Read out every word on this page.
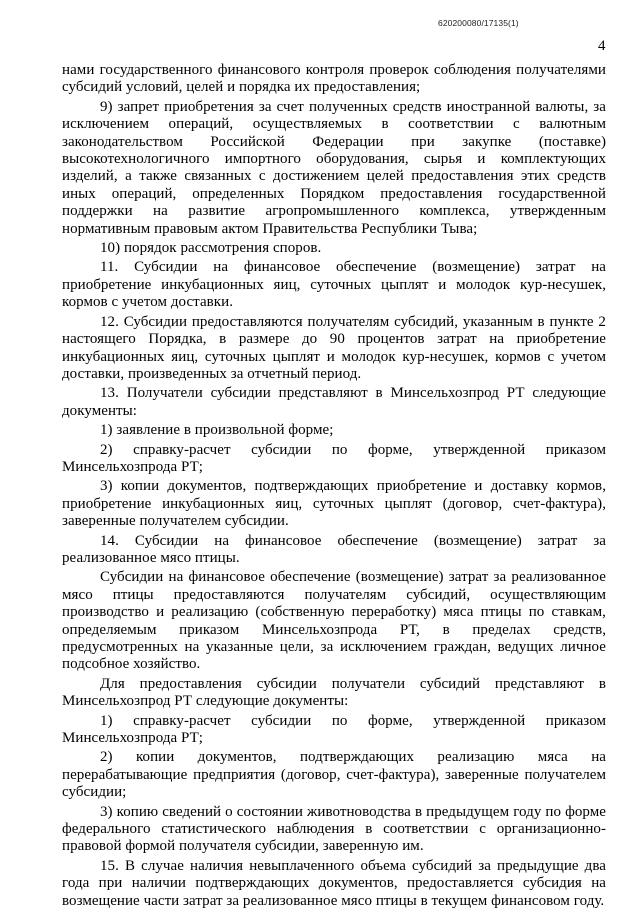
620200080/17135(1)
4

нами государственного финансового контроля проверок соблюдения получателями субсидий условий, целей и порядка их предоставления;

9) запрет приобретения за счет полученных средств иностранной валюты, за исключением операций, осуществляемых в соответствии с валютным законодательством Российской Федерации при закупке (поставке) высокотехнологичного импортного оборудования, сырья и комплектующих изделий, а также связанных с достижением целей предоставления этих средств иных операций, определенных Порядком предоставления государственной поддержки на развитие агропромышленного комплекса, утвержденным нормативным правовым актом Правительства Республики Тыва;

10) порядок рассмотрения споров.

11. Субсидии на финансовое обеспечение (возмещение) затрат на приобретение инкубационных яиц, суточных цыплят и молодок кур-несушек, кормов с учетом доставки.

12. Субсидии предоставляются получателям субсидий, указанным в пункте 2 настоящего Порядка, в размере до 90 процентов затрат на приобретение инкубационных яиц, суточных цыплят и молодок кур-несушек, кормов с учетом доставки, произведенных за отчетный период.

13. Получатели субсидии представляют в Минсельхозпрод РТ следующие документы:

1) заявление в произвольной форме;

2) справку-расчет субсидии по форме, утвержденной приказом Минсельхозпрода РТ;

3) копии документов, подтверждающих приобретение и доставку кормов, приобретение инкубационных яиц, суточных цыплят (договор, счет-фактура), заверенные получателем субсидии.

14. Субсидии на финансовое обеспечение (возмещение) затрат за реализованное мясо птицы.

Субсидии на финансовое обеспечение (возмещение) затрат за реализованное мясо птицы предоставляются получателям субсидий, осуществляющим производство и реализацию (собственную переработку) мяса птицы по ставкам, определяемым приказом Минсельхозпрода РТ, в пределах средств, предусмотренных на указанные цели, за исключением граждан, ведущих личное подсобное хозяйство.

Для предоставления субсидии получатели субсидий представляют в Минсельхозпрод РТ следующие документы:

1) справку-расчет субсидии по форме, утвержденной приказом Минсельхозпрода РТ;

2) копии документов, подтверждающих реализацию мяса на перерабатывающие предприятия (договор, счет-фактура), заверенные получателем субсидии;

3) копию сведений о состоянии животноводства в предыдущем году по форме федерального статистического наблюдения в соответствии с организационно-правовой формой получателя субсидии, заверенную им.

15. В случае наличия невыплаченного объема субсидий за предыдущие два года при наличии подтверждающих документов, предоставляется субсидия на возмещение части затрат за реализованное мясо птицы в текущем финансовом году.
